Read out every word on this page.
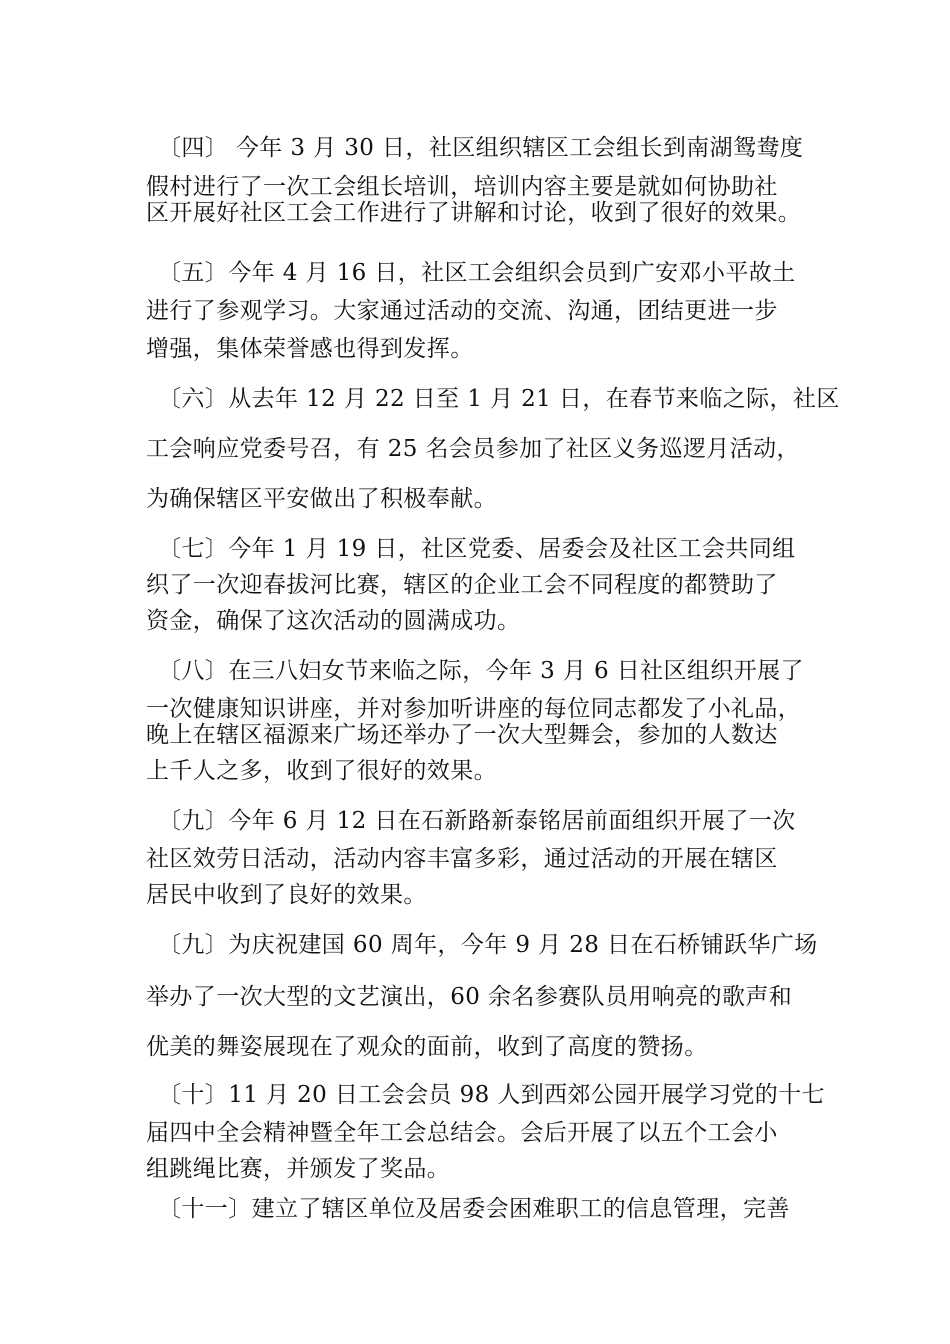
〔四〕 今年 3 月 30 日，社区组织辖区工会组长到南湖鸳鸯度
假村进行了一次工会组长培训，培训内容主要是就如何协助社
区开展好社区工会工作进行了讲解和讨论，收到了很好的效果。
〔五〕今年 4 月 16 日，社区工会组织会员到广安邓小平故土
进行了参观学习。大家通过活动的交流、沟通，团结更进一步
增强，集体荣誉感也得到发挥。
〔六〕从去年 12 月 22 日至 1 月 21 日，在春节来临之际，社区
工会响应党委号召，有 25 名会员参加了社区义务巡逻月活动，
为确保辖区平安做出了积极奉献。
〔七〕今年 1 月 19 日，社区党委、居委会及社区工会共同组
织了一次迎春拔河比赛，辖区的企业工会不同程度的都赞助了
资金，确保了这次活动的圆满成功。
〔八〕在三八妇女节来临之际，今年 3 月 6 日社区组织开展了
一次健康知识讲座，并对参加听讲座的每位同志都发了小礼品，
晚上在辖区福源来广场还举办了一次大型舞会，参加的人数达
上千人之多，收到了很好的效果。
〔九〕今年 6 月 12 日在石新路新泰铭居前面组织开展了一次
社区效劳日活动，活动内容丰富多彩，通过活动的开展在辖区
居民中收到了良好的效果。
〔九〕为庆祝建国 60 周年，今年 9 月 28 日在石桥铺跃华广场
举办了一次大型的文艺演出，60 余名参赛队员用响亮的歌声和
优美的舞姿展现在了观众的面前，收到了高度的赞扬。
〔十〕11 月 20 日工会会员 98 人到西郊公园开展学习党的十七
届四中全会精神暨全年工会总结会。会后开展了以五个工会小
组跳绳比赛，并颁发了奖品。
〔十一〕建立了辖区单位及居委会困难职工的信息管理，完善
